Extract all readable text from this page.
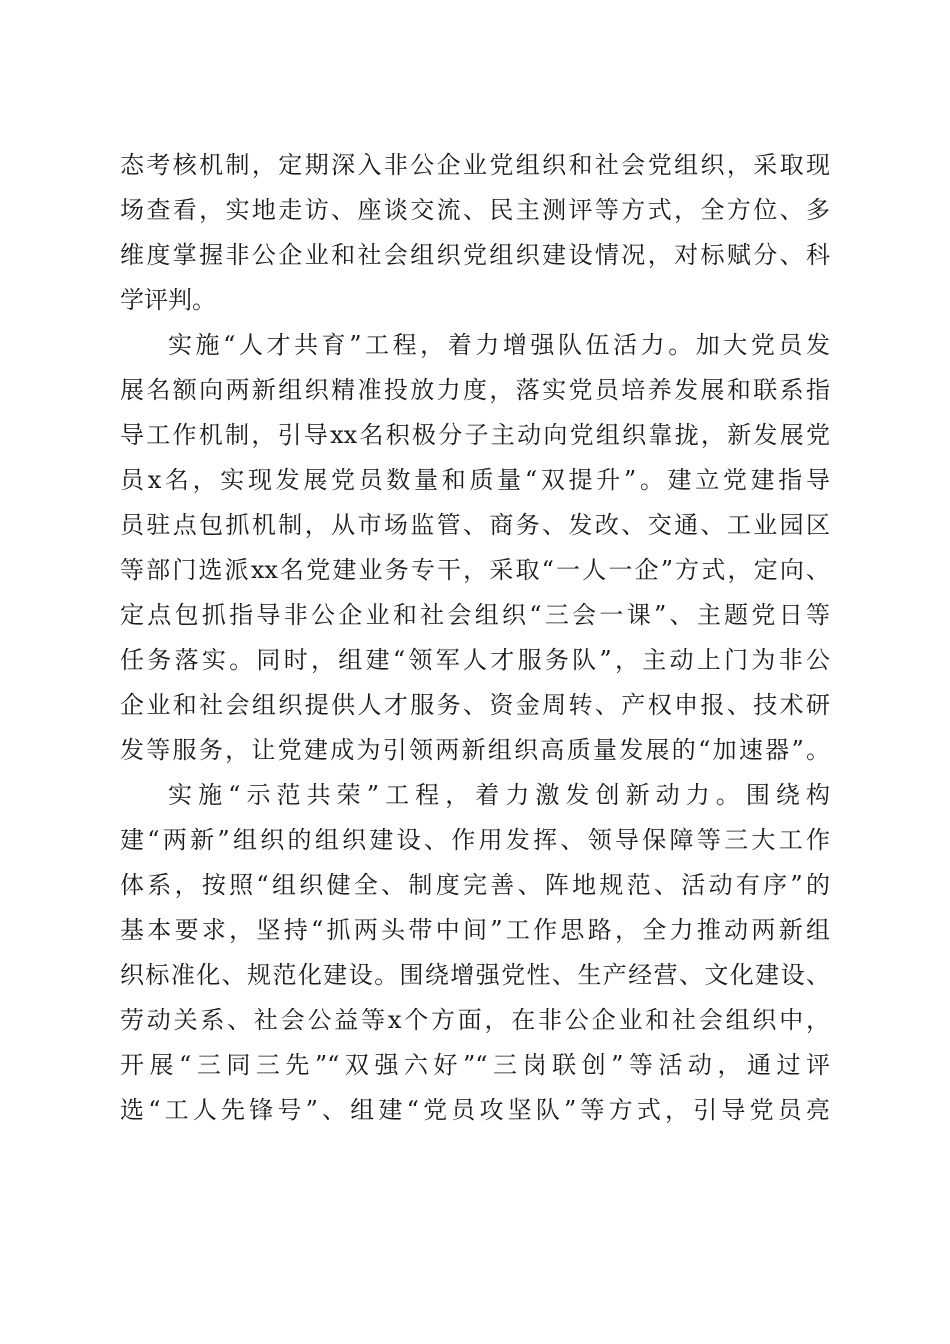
态考核机制，定期深入非公企业党组织和社会党组织，采取现
场查看，实地走访、座谈交流、民主测评等方式，全方位、多
维度掌握非公企业和社会组织党组织建设情况，对标赋分、科
学评判。
实施“人才共育”工程，着力增强队伍活力。加大党员发
展名额向两新组织精准投放力度，落实党员培养发展和联系指
导工作机制，引导xx名积极分子主动向党组织靠拢，新发展党
员x名，实现发展党员数量和质量“双提升”。建立党建指导
员驻点包抓机制，从市场监管、商务、发改、交通、工业园区
等部门选派xx名党建业务专干，采取“一人一企”方式，定向、
定点包抓指导非公企业和社会组织“三会一课”、主题党日等
任务落实。同时，组建“领军人才服务队”，主动上门为非公
企业和社会组织提供人才服务、资金周转、产权申报、技术研
发等服务，让党建成为引领两新组织高质量发展的“加速器”。
实施“示范共荣”工程，着力激发创新动力。围绕构
建“两新”组织的组织建设、作用发挥、领导保障等三大工作
体系，按照“组织健全、制度完善、阵地规范、活动有序”的
基本要求，坚持“抓两头带中间”工作思路，全力推动两新组
织标准化、规范化建设。围绕增强党性、生产经营、文化建设、
劳动关系、社会公益等x个方面，在非公企业和社会组织中，
开展“三同三先”“双强六好”“三岗联创”等活动，通过评
选“工人先锋号”、组建“党员攻坚队”等方式，引导党员亮
